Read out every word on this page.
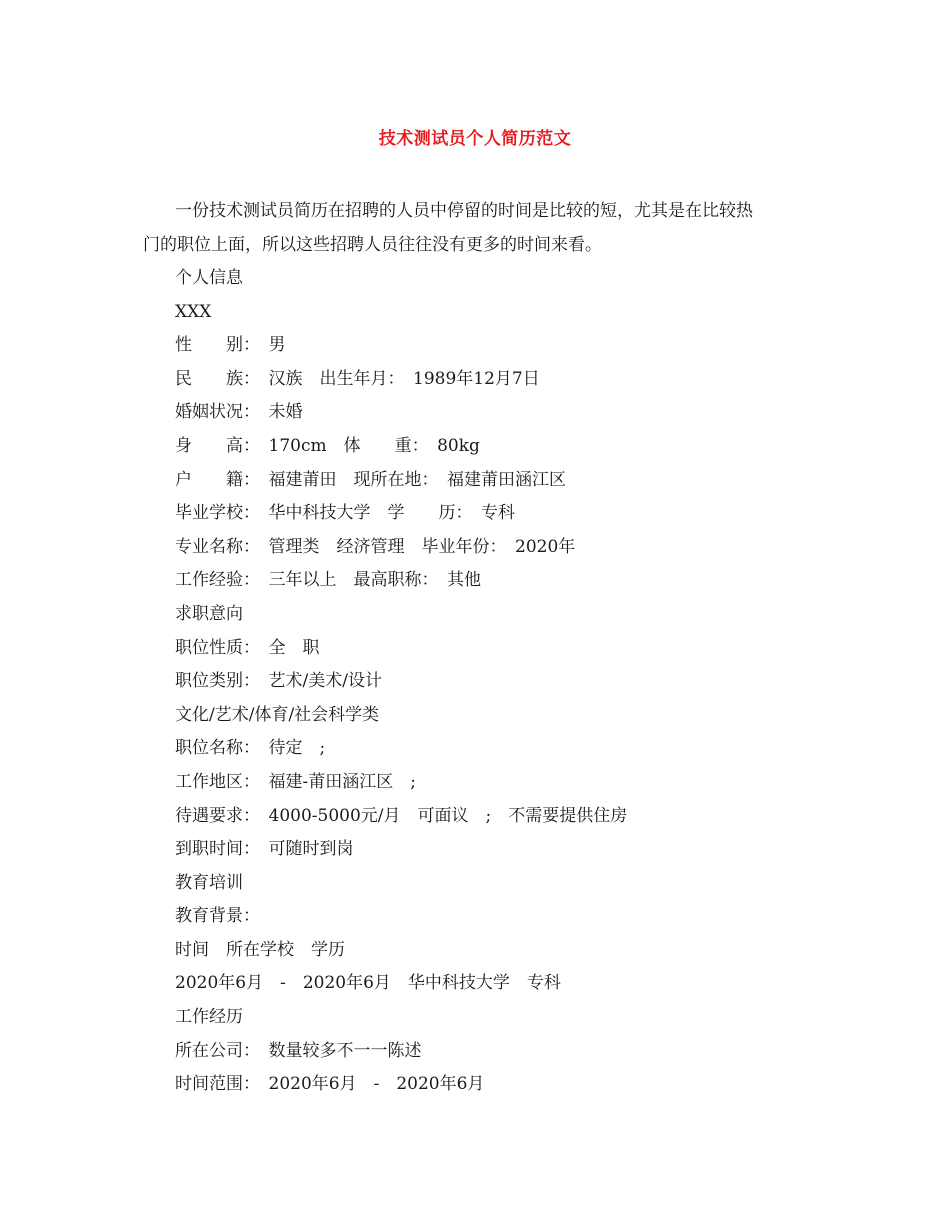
技术测试员个人简历范文

一份技术测试员简历在招聘的人员中停留的时间是比较的短，尤其是在比较热

门的职位上面，所以这些招聘人员往往没有更多的时间来看。

个人信息
XXX
性　　别：　男
民　　族：　汉族　出生年月：　1989年12月7日
婚姻状况：　未婚
身　　高：　170cm　体　　重：　80kg
户　　籍：　福建莆田　现所在地：　福建莆田涵江区
毕业学校：　华中科技大学　学　　历：　专科
专业名称：　管理类　经济管理　毕业年份：　2020年
工作经验：　三年以上　最高职称：　其他
求职意向
职位性质：　全　职
职位类别：　艺术/美术/设计
文化/艺术/体育/社会科学类
职位名称：　待定　;
工作地区：　福建-莆田涵江区　;
待遇要求：　4000-5000元/月　可面议　;　不需要提供住房
到职时间：　可随时到岗
教育培训
教育背景：
时间　所在学校　学历
2020年6月　-　2020年6月　华中科技大学　专科
工作经历
所在公司：　数量较多不一一陈述
时间范围：　2020年6月　-　2020年6月
